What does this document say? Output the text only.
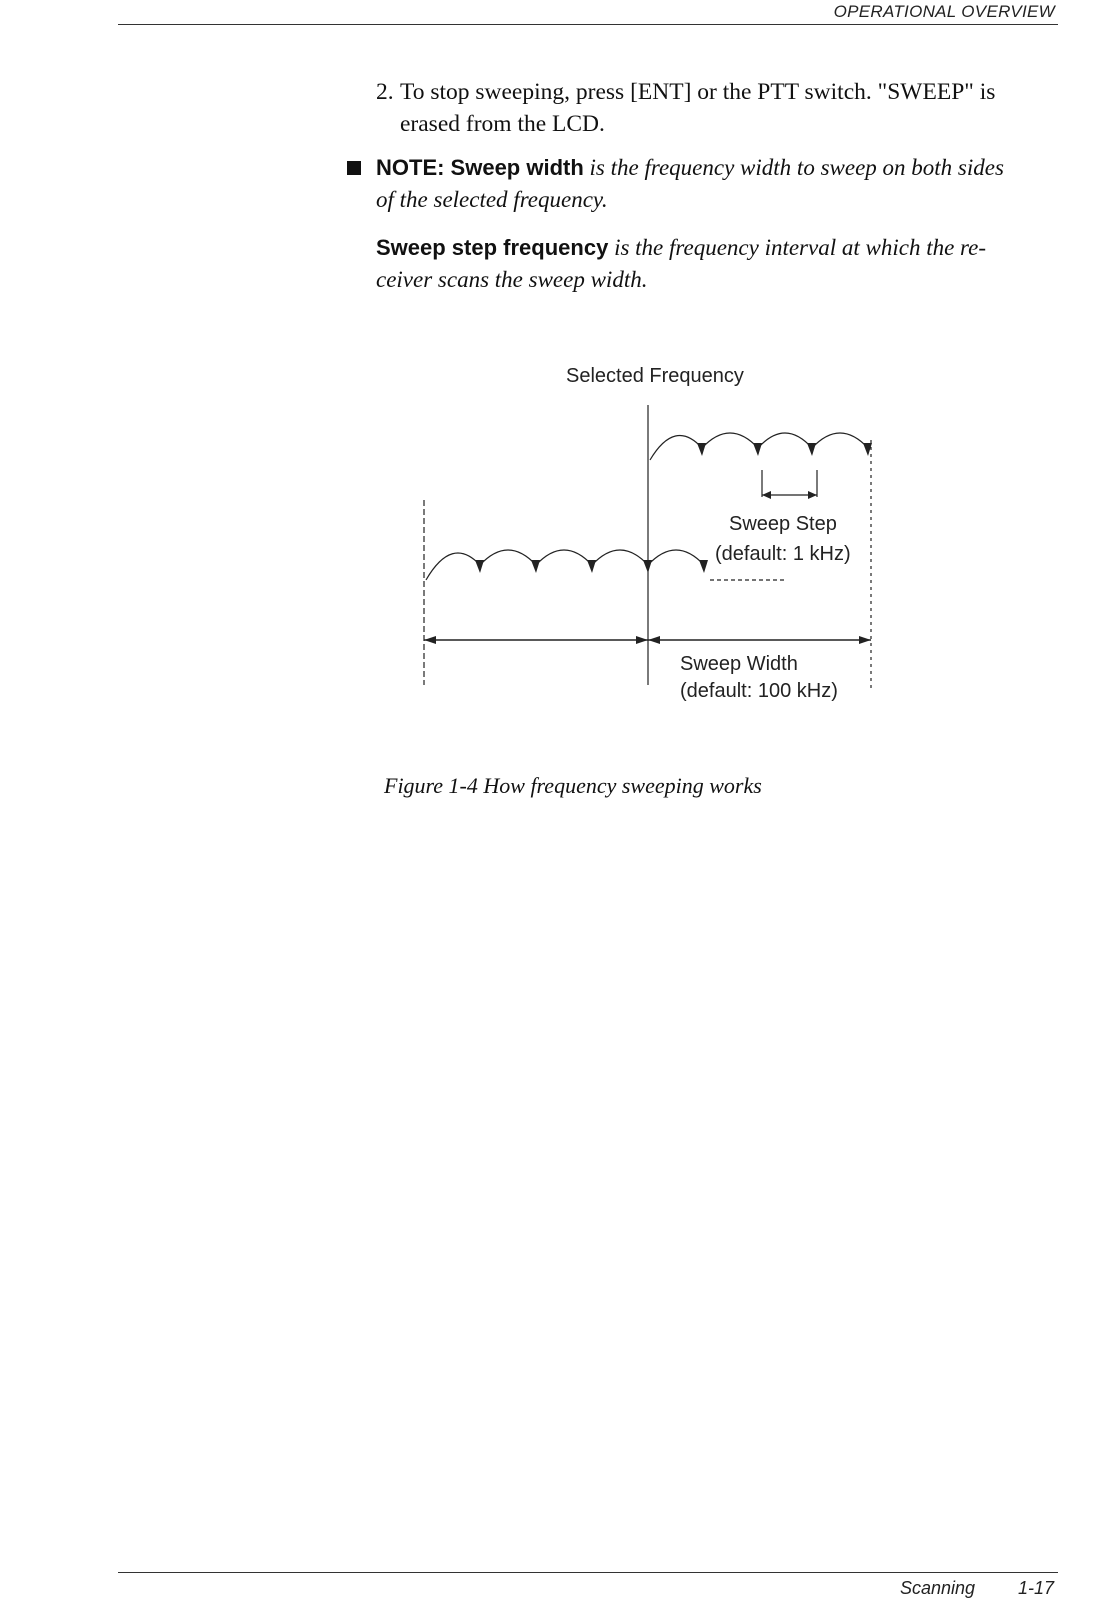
OPERATIONAL OVERVIEW
2. To stop sweeping, press [ENT] or the PTT switch. "SWEEP" is
erased from the LCD.
NOTE: Sweep width is the frequency width to sweep on both sides
of the selected frequency.
Sweep step frequency is the frequency interval at which the re-
ceiver scans the sweep width.
Selected Frequency
Sweep Step
(default: 1 kHz)
Sweep Width
(default: 100 kHz)
Figure 1-4 How frequency sweeping works
Scanning 1-17
